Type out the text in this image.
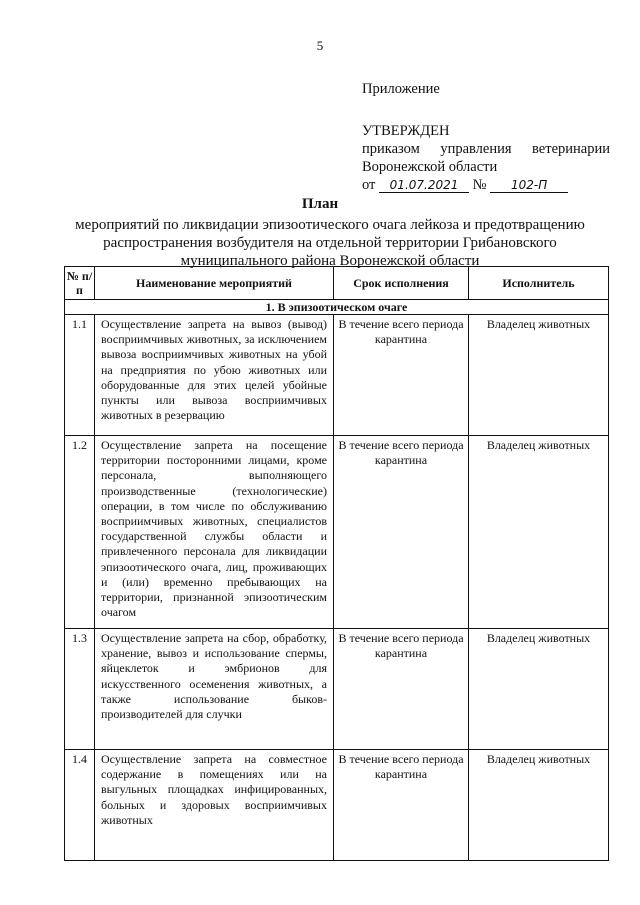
5
Приложение
УТВЕРЖДЕН
приказом управления ветеринарии
Воронежской области
от 01.07.2021 № 102-П
План
мероприятий по ликвидации эпизоотического очага лейкоза и предотвращению распространения возбудителя на отдельной территории Грибановского муниципального района Воронежской области
№ п/п	Наименование мероприятий	Срок исполнения	Исполнитель
1. В эпизоотическом очаге			
1.1	Осуществление запрета на вывоз (вывод) восприимчивых животных, за исключением вывоза восприимчивых животных на убой на предприятия по убою животных или оборудованные для этих целей убойные пункты или вывоза восприимчивых животных в резервацию	В течение всего периода карантина	Владелец животных
1.2	Осуществление запрета на посещение территории посторонними лицами, кроме персонала, выполняющего производственные (технологические) операции, в том числе по обслуживанию восприимчивых животных, специалистов государственной службы области и привлеченного персонала для ликвидации эпизоотического очага, лиц, проживающих и (или) временно пребывающих на территории, признанной эпизоотическим очагом	В течение всего периода карантина	Владелец животных
1.3	Осуществление запрета на сбор, обработку, хранение, вывоз и использование спермы, яйцеклеток и эмбрионов для искусственного осеменения животных, а также использование быков-производителей для случки	В течение всего периода карантина	Владелец животных
1.4	Осуществление запрета на совместное содержание в помещениях или на выгульных площадках инфицированных, больных и здоровых восприимчивых животных	В течение всего периода карантина	Владелец животных
